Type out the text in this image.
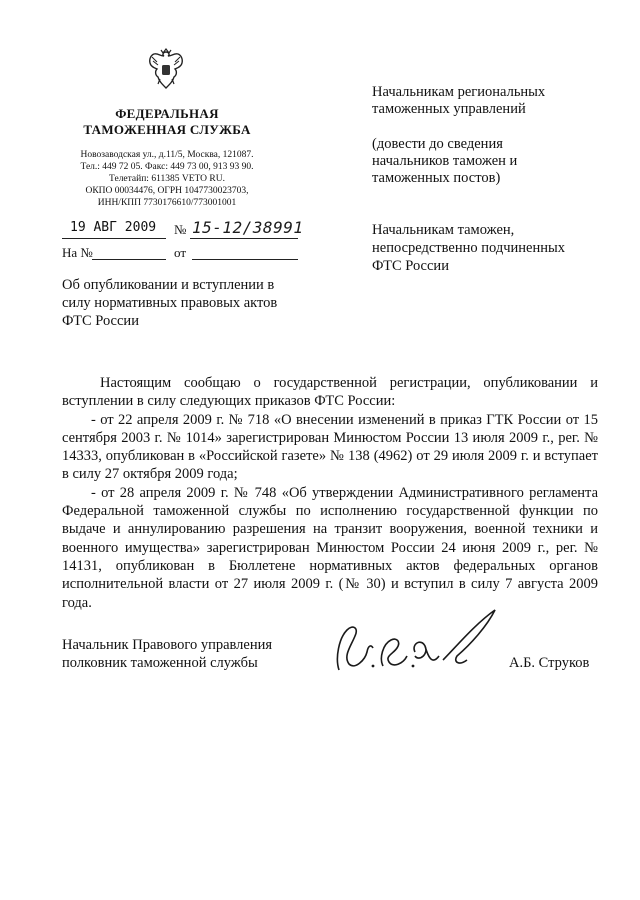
ФЕДЕРАЛЬНАЯ
ТАМОЖЕННАЯ СЛУЖБА
Новозаводская ул., д.11/5, Москва, 121087.
Тел.: 449 72 05. Факс: 449 73 00, 913 93 90.
Телетайп: 611385 VETO RU.
ОКПО 00034476, ОГРН 1047730023703,
ИНН/КПП 7730176610/773001001
19 АВГ 2009 № 15-12/38991
На №	от
Начальникам региональных
таможенных управлений
(довести до сведения
начальников таможен и
таможенных постов)
Начальникам таможен,
непосредственно подчиненных
ФТС России
Об опубликовании и вступлении в
силу нормативных правовых актов
ФТС России

Настоящим сообщаю о государственной регистрации, опубликовании и вступлении в силу следующих приказов ФТС России:

- от 22 апреля 2009 г. № 718 «О внесении изменений в приказ ГТК России от 15 сентября 2003 г. № 1014» зарегистрирован Минюстом России 13 июля 2009 г., рег. № 14333, опубликован в «Российской газете» № 138 (4962) от 29 июля 2009 г. и вступает в силу 27 октября 2009 года;

- от 28 апреля 2009 г. № 748 «Об утверждении Административного регламента Федеральной таможенной службы по исполнению государственной функции по выдаче и аннулированию разрешения на транзит вооружения, военной техники и военного имущества» зарегистрирован Минюстом России 24 июня 2009 г., рег. № 14131, опубликован в Бюллетене нормативных актов федеральных органов исполнительной власти от 27 июля 2009 г. (№ 30) и вступил в силу 7 августа 2009 года.

Начальник Правового управления
полковник таможенной службы	А.Б. Струков
